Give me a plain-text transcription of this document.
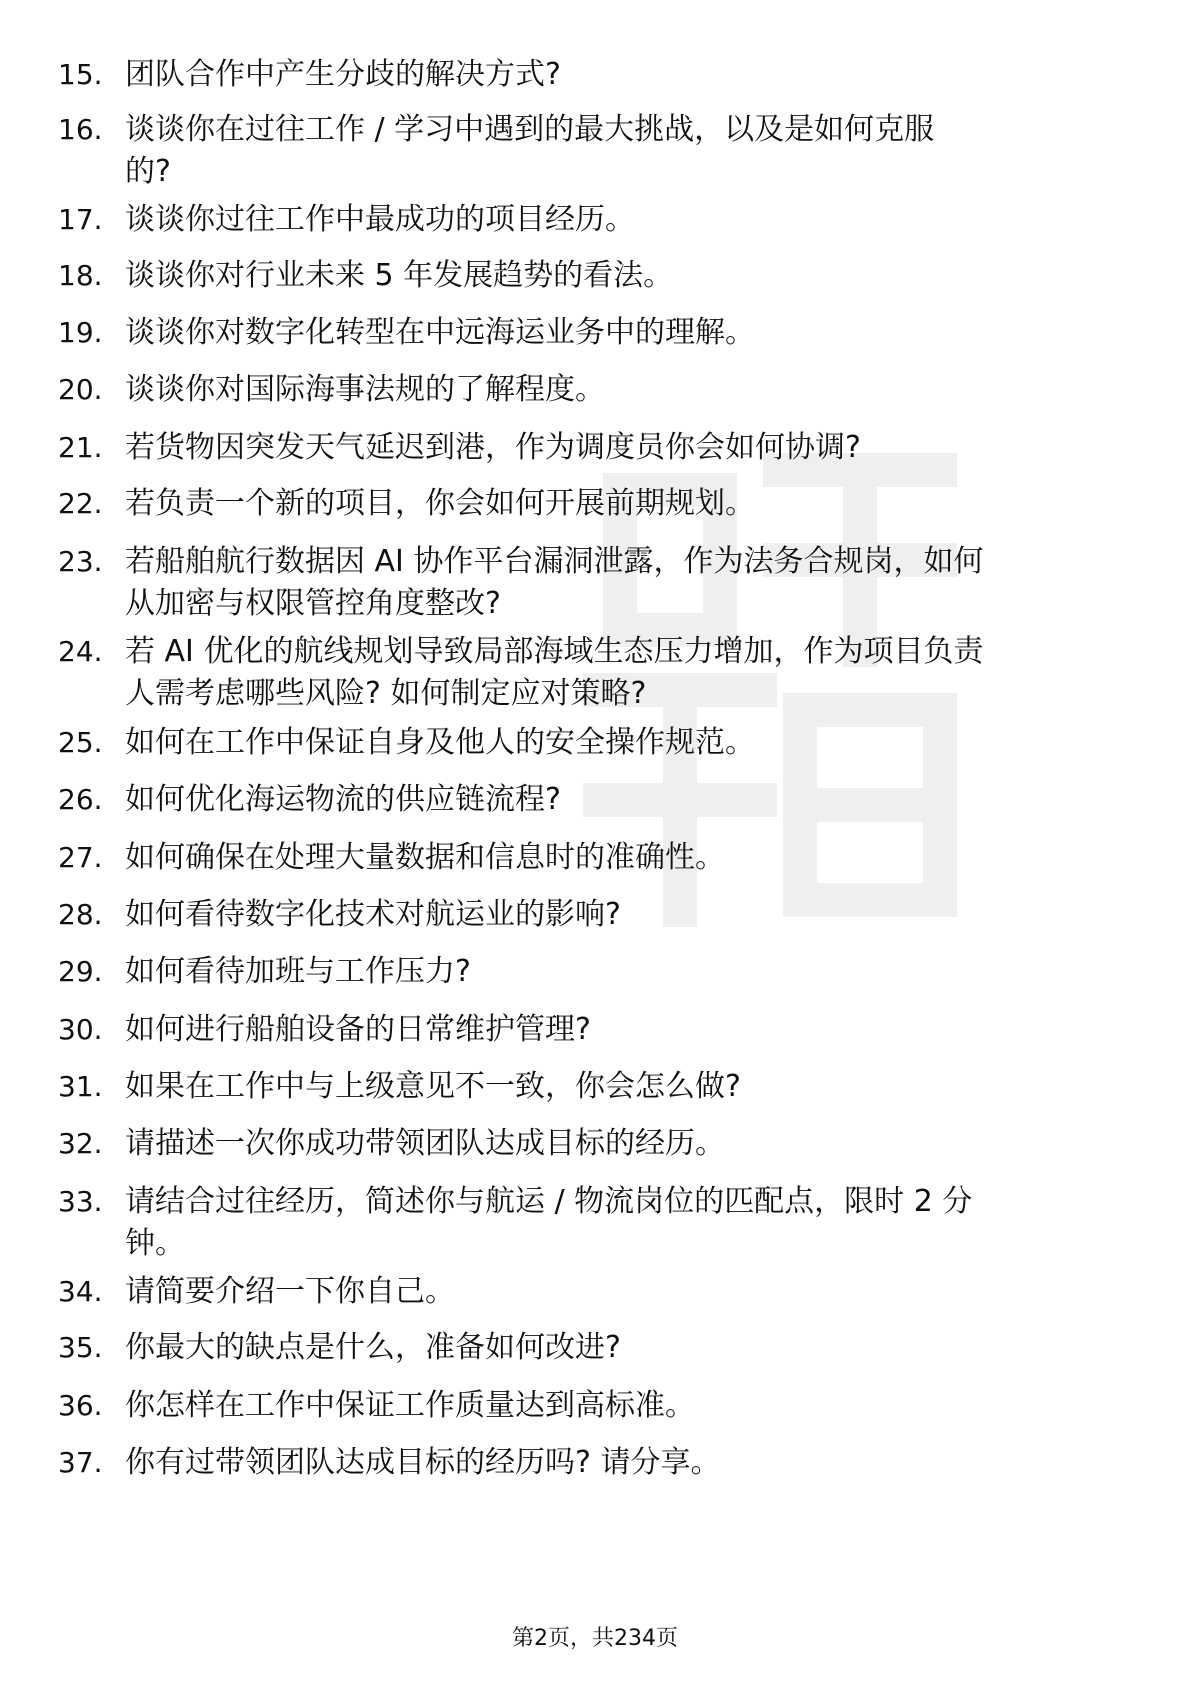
15. 团队合作中产生分歧的解决方式?
16. 谈谈你在过往工作 / 学习中遇到的最大挑战，以及是如何克服
的?
17. 谈谈你过往工作中最成功的项目经历。
18. 谈谈你对行业未来 5 年发展趋势的看法。
19. 谈谈你对数字化转型在中远海运业务中的理解。
20. 谈谈你对国际海事法规的了解程度。
21. 若货物因突发天气延迟到港，作为调度员你会如何协调?
22. 若负责一个新的项目，你会如何开展前期规划。
23. 若船舶航行数据因 AI 协作平台漏洞泄露，作为法务合规岗，如何
从加密与权限管控角度整改?
24. 若 AI 优化的航线规划导致局部海域生态压力增加，作为项目负责
人需考虑哪些风险? 如何制定应对策略?
25. 如何在工作中保证自身及他人的安全操作规范。
26. 如何优化海运物流的供应链流程?
27. 如何确保在处理大量数据和信息时的准确性。
28. 如何看待数字化技术对航运业的影响?
29. 如何看待加班与工作压力?
30. 如何进行船舶设备的日常维护管理?
31. 如果在工作中与上级意见不一致，你会怎么做?
32. 请描述一次你成功带领团队达成目标的经历。
33. 请结合过往经历，简述你与航运 / 物流岗位的匹配点，限时 2 分
钟。
34. 请简要介绍一下你自己。
35. 你最大的缺点是什么，准备如何改进?
36. 你怎样在工作中保证工作质量达到高标准。
37. 你有过带领团队达成目标的经历吗? 请分享。
第2页，共234页
